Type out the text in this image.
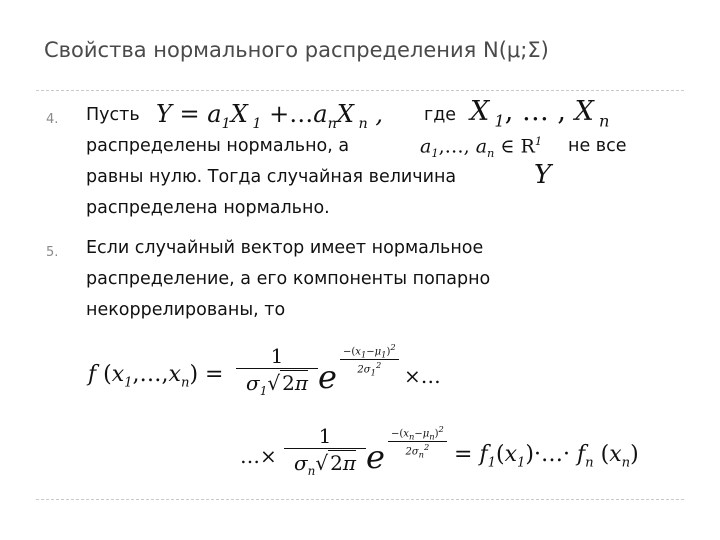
Свойства нормального распределения N(μ;Σ)
4. Пусть $Y = a_1X$ $_1 +\dots a_nX$ $_n$ , где X $_1$, … , X $_n$
распределены нормально, а	$a_1,\dots$, $a_n$ ∈ $R^1$ не все
равны нулю. Тогда случайная величина	Y
распределена нормально.
5. Если случайный вектор имеет нормальное
распределение, а его компоненты попарно
некоррелированы, то
f $(x_1,\dots,x_n) = \frac{1}{\sigma_1√ 2\pi}$ e
$-(x_1-\mu_1)^2$
$2\sigma_1^2$	×…
…× $\frac{1}{\sigma_n√ 2\pi}$ e
$-(x_n-\mu_n)^2$
$2\sigma_n^2$	= $f_1(x_1)\cdot\dots\cdot f_n$ $(x_n)$
